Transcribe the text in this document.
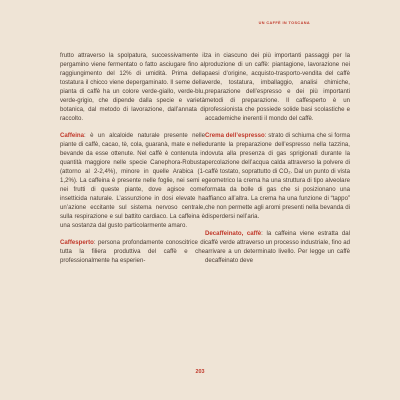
UN CAFFÈ IN TOSCANA

frutto attraverso la spolpatura, successivamente il pergamino viene fermentato o fatto asciugare fino al raggiungimento del 12% di umidità. Prima della tostatura il chicco viene depergaminato. Il seme della pianta di caffè ha un colore verde-giallo, verde-blu, verde-grigio, che dipende dalla specie e varietà botanica, dal metodo di lavorazione, dall’annata di raccolto.

Caffeina: è un alcaloide naturale presente nelle piante di caffè, cacao, tè, cola, guaranà, mate e nelle bevande da esse ottenute. Nel caffè è contenuta in quantità maggiore nelle specie Canephora-Robusta (attorno al 2-2,4%), minore in quelle Arabica (1-1,2%). La caffeina è presente nelle foglie, nei semi e nei frutti di queste piante, dove agisce come insetticida naturale. L’assunzione in dosi elevate ha un’azione eccitante sul sistema nervoso centrale, sulla respirazione e sul battito cardiaco. La caffeina è una sostanza dal gusto particolarmente amaro.

Caffesperto: persona profondamente conoscitrice di tutta la filiera produttiva del caffè e che professionalmente ha esperien-

za in ciascuno dei più importanti passaggi per la produzione di un caffè: piantagione, lavorazione nei paesi d’origine, acquisto-trasporto-vendita del caffè verde, tostatura, imballaggio, analisi chimiche, preparazione dell’espresso e dei più importanti metodi di preparazione. Il caffesperto è un professionista che possiede solide basi scolastiche e accademiche inerenti il mondo del caffè.

Crema dell’espresso: strato di schiuma che si forma durante la preparazione dell’espresso nella tazzina, dovuta alla presenza di gas sprigionati durante la percolazione dell’acqua calda attraverso la polvere di caffè tostato, soprattutto di CO₂. Dal un punto di vista geometrico la crema ha una struttura di tipo alveolare formata da bolle di gas che si posizionano una affianco all’altra. La crema ha una funzione di “tappo” che non permette agli aromi presenti nella bevanda di disperdersi nell’aria.

Decaffeinato, caffè: la caffeina viene estratta dal caffè verde attraverso un processo industriale, fino ad arrivare a un determinato livello. Per legge un caffè decaffeinato deve

203
